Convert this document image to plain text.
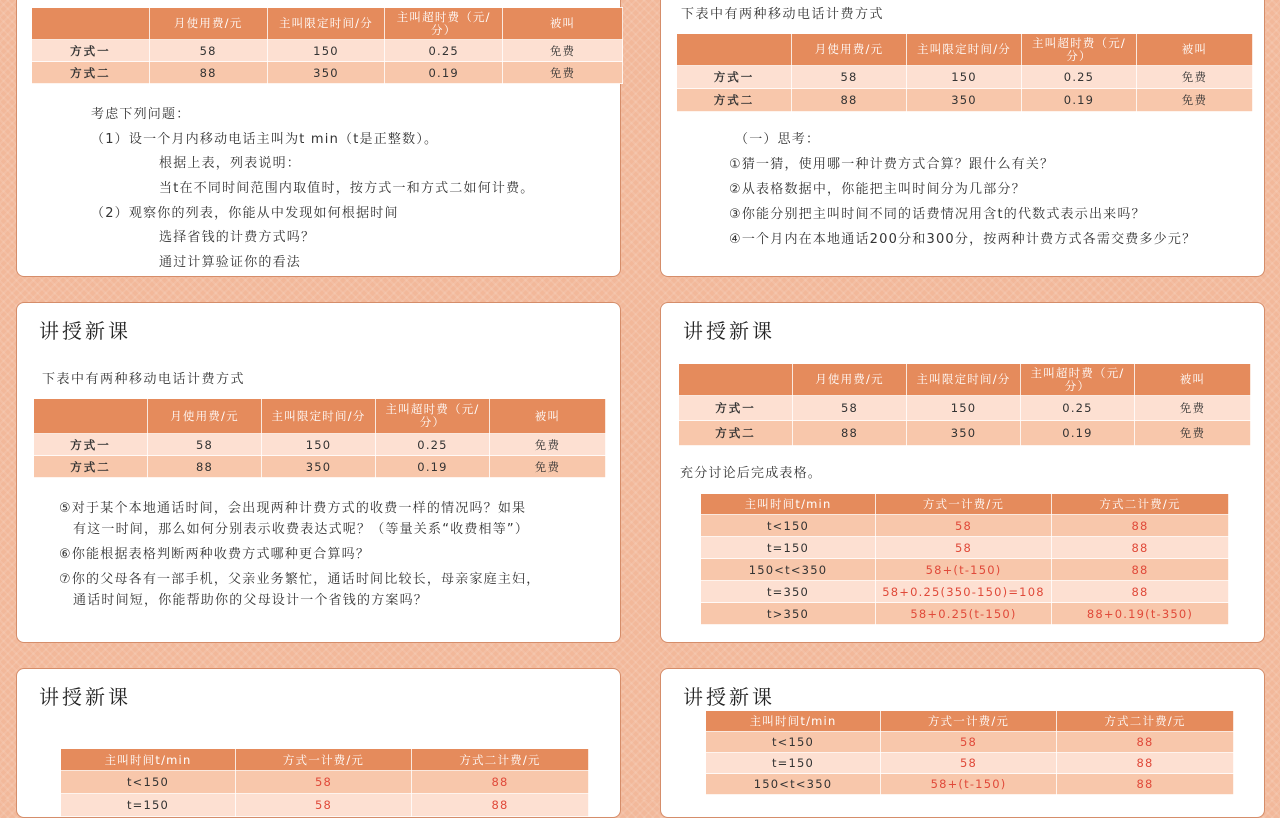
	月使用费/元	主叫限定时间/分	主叫超时费（元/分）	被叫
方式一	58	150	0.25	免费
方式二	88	350	0.19	免费
考虑下列问题：
（1）设一个月内移动电话主叫为t min（t是正整数）。
根据上表，列表说明：
当t在不同时间范围内取值时，按方式一和方式二如何计费。
（2）观察你的列表，你能从中发现如何根据时间
选择省钱的计费方式吗？
通过计算验证你的看法
下表中有两种移动电话计费方式
	月使用费/元	主叫限定时间/分	主叫超时费（元/分）	被叫
方式一	58	150	0.25	免费
方式二	88	350	0.19	免费
（一）思考：
①猜一猜，使用哪一种计费方式合算？跟什么有关？
②从表格数据中，你能把主叫时间分为几部分？
③你能分别把主叫时间不同的话费情况用含t的代数式表示出来吗？
④一个月内在本地通话200分和300分，按两种计费方式各需交费多少元？
讲授新课
下表中有两种移动电话计费方式
	月使用费/元	主叫限定时间/分	主叫超时费（元/分）	被叫
方式一	58	150	0.25	免费
方式二	88	350	0.19	免费
⑤对于某个本地通话时间，会出现两种计费方式的收费一样的情况吗？如果
有这一时间，那么如何分别表示收费表达式呢？（等量关系“收费相等”）
⑥你能根据表格判断两种收费方式哪种更合算吗？
⑦你的父母各有一部手机，父亲业务繁忙，通话时间比较长，母亲家庭主妇，
通话时间短，你能帮助你的父母设计一个省钱的方案吗？
讲授新课
	月使用费/元	主叫限定时间/分	主叫超时费（元/分）	被叫
方式一	58	150	0.25	免费
方式二	88	350	0.19	免费
充分讨论后完成表格。
主叫时间t/min	方式一计费/元	方式二计费/元
t<150	58	88
t=150	58	88
150<t<350	58+(t-150)	88
t=350	58+0.25(350-150)=108	88
t>350	58+0.25(t-150)	88+0.19(t-350)
讲授新课
主叫时间t/min	方式一计费/元	方式二计费/元
t<150	58	88
t=150	58	88
讲授新课
主叫时间t/min	方式一计费/元	方式二计费/元
t<150	58	88
t=150	58	88
150<t<350	58+(t-150)	88
